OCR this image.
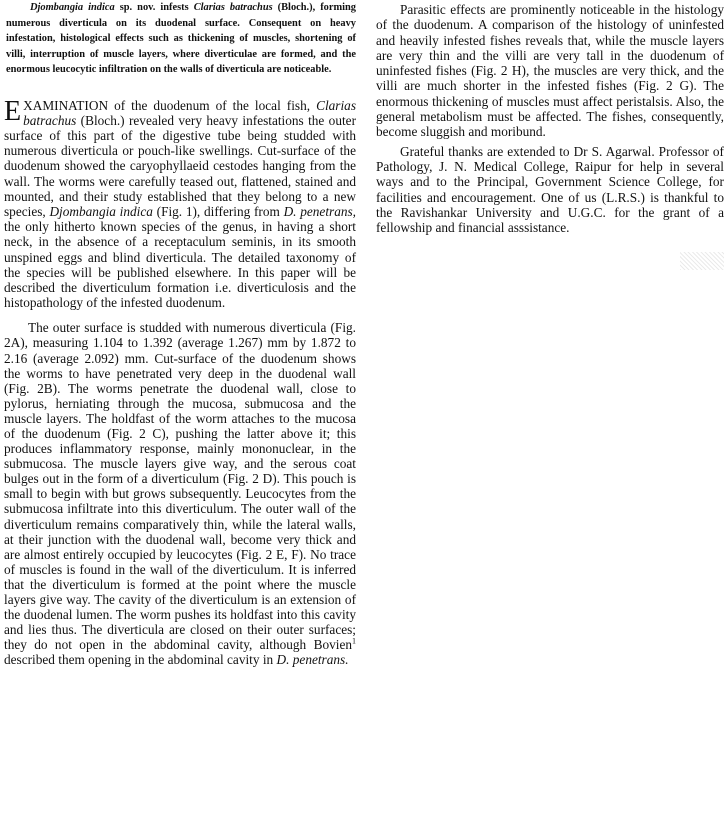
Djombangia indica sp. nov. infests Clarias batrachus (Bloch.), forming numerous diverticula on its duodenal surface. Consequent on heavy infestation, histological effects such as thickening of muscles, shortening of villi, interruption of muscle layers, where diverticulae are formed, and the enormous leucocytic infiltration on the walls of diverticula are noticeable.

EXAMINATION of the duodenum of the local fish, Clarias batrachus (Bloch.) revealed very heavy infestations the outer surface of this part of the digestive tube being studded with numerous diverticula or pouch-like swellings. Cut-surface of the duodenum showed the caryophyllaeid cestodes hanging from the wall. The worms were carefully teased out, flattened, stained and mounted, and their study established that they belong to a new species, Djombangia indica (Fig. 1), differing from D. penetrans, the only hitherto known species of the genus, in having a short neck, in the absence of a receptaculum seminis, in its smooth unspined eggs and blind diverticula. The detailed taxonomy of the species will be published elsewhere. In this paper will be described the diverticulum formation i.e. diverticulosis and the histopathology of the infested duodenum.

The outer surface is studded with numerous diverticula (Fig. 2A), measuring 1.104 to 1.392 (average 1.267) mm by 1.872 to 2.16 (average 2.092) mm. Cut-surface of the duodenum shows the worms to have penetrated very deep in the duodenal wall (Fig. 2B). The worms penetrate the duodenal wall, close to pylorus, herniating through the mucosa, submucosa and the muscle layers. The holdfast of the worm attaches to the mucosa of the duodenum (Fig. 2 C), pushing the latter above it; this produces inflammatory response, mainly mononuclear, in the submucosa. The muscle layers give way, and the serous coat bulges out in the form of a diverticulum (Fig. 2 D). This pouch is small to begin with but grows subsequently. Leucocytes from the submucosa infiltrate into this diverticulum. The outer wall of the diverticulum remains comparatively thin, while the lateral walls, at their junction with the duodenal wall, become very thick and are almost entirely occupied by leucocytes (Fig. 2 E, F). No trace of muscles is found in the wall of the diverticulum. It is inferred that the diverticulum is formed at the point where the muscle layers give way. The cavity of the diverticulum is an extension of the duodenal lumen. The worm pushes its holdfast into this cavity and lies thus. The diverticula are closed on their outer surfaces; they do not open in the abdominal cavity, although Bovien$^1$ described them opening in the abdominal cavity in D. penetrans.

Parasitic effects are prominently noticeable in the histology of the duodenum. A comparison of the histology of uninfested and heavily infested fishes reveals that, while the muscle layers are very thin and the villi are very tall in the duodenum of uninfested fishes (Fig. 2 H), the muscles are very thick, and the villi are much shorter in the infested fishes (Fig. 2 G). The enormous thickening of muscles must affect peristalsis. Also, the general metabolism must be affected. The fishes, consequently, become sluggish and moribund.

Grateful thanks are extended to Dr S. Agarwal. Professor of Pathology, J. N. Medical College, Raipur for help in several ways and to the Principal, Government Science College, for facilities and encouragement. One of us (L.R.S.) is thankful to the Ravishankar University and U.G.C. for the grant of a fellowship and financial asssistance.
